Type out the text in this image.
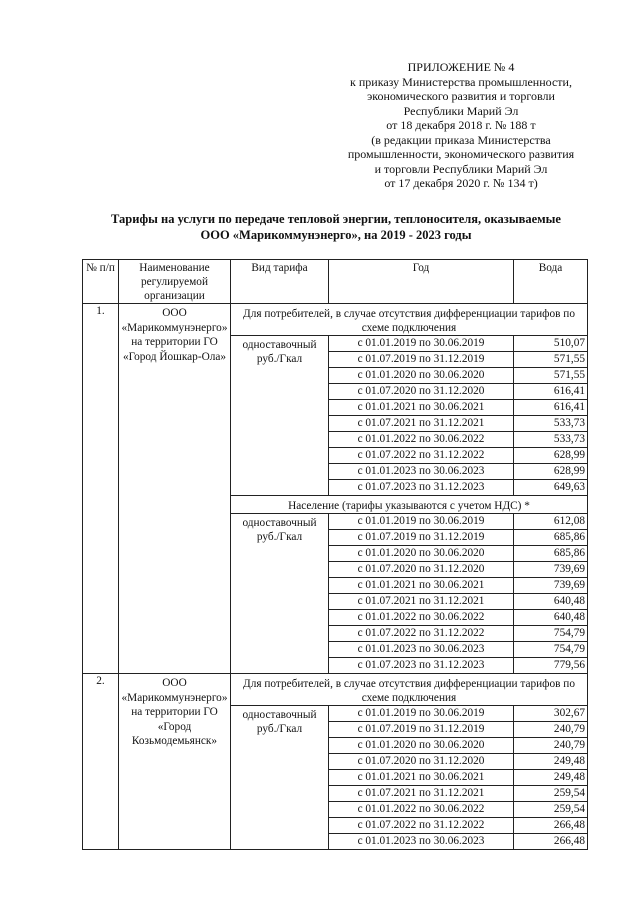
ПРИЛОЖЕНИЕ № 4
к приказу Министерства промышленности,
экономического развития и торговли
Республики Марий Эл
от 18 декабря 2018 г. № 188 т
(в редакции приказа Министерства
промышленности, экономического развития
и торговли Республики Марий Эл
от 17 декабря 2020 г. № 134 т)
Тарифы на услуги по передаче тепловой энергии, теплоносителя, оказываемые
ООО «Марикоммунэнерго», на 2019 - 2023 годы
№ п/п	Наименование регулируемой организации	Вид тарифа	Год	Вода
1.	ООО «Марикоммунэнерго» на территории ГО «Город Йошкар-Ола»	Для потребителей, в случае отсутствия дифференциации тарифов по схеме подключения		
		одноставочный руб./Гкал	с 01.01.2019 по 30.06.2019	510,07
			с 01.07.2019 по 31.12.2019	571,55
			с 01.01.2020 по 30.06.2020	571,55
			с 01.07.2020 по 31.12.2020	616,41
			с 01.01.2021 по 30.06.2021	616,41
			с 01.07.2021 по 31.12.2021	533,73
			с 01.01.2022 по 30.06.2022	533,73
			с 01.07.2022 по 31.12.2022	628,99
			с 01.01.2023 по 30.06.2023	628,99
			с 01.07.2023 по 31.12.2023	649,63
		Население (тарифы указываются с учетом НДС) *		
		одноставочный руб./Гкал	с 01.01.2019 по 30.06.2019	612,08
			с 01.07.2019 по 31.12.2019	685,86
			с 01.01.2020 по 30.06.2020	685,86
			с 01.07.2020 по 31.12.2020	739,69
			с 01.01.2021 по 30.06.2021	739,69
			с 01.07.2021 по 31.12.2021	640,48
			с 01.01.2022 по 30.06.2022	640,48
			с 01.07.2022 по 31.12.2022	754,79
			с 01.01.2023 по 30.06.2023	754,79
			с 01.07.2023 по 31.12.2023	779,56
2.	ООО «Марикоммунэнерго» на территории ГО «Город Козьмодемьянск»	Для потребителей, в случае отсутствия дифференциации тарифов по схеме подключения		
		одноставочный руб./Гкал	с 01.01.2019 по 30.06.2019	302,67
			с 01.07.2019 по 31.12.2019	240,79
			с 01.01.2020 по 30.06.2020	240,79
			с 01.07.2020 по 31.12.2020	249,48
			с 01.01.2021 по 30.06.2021	249,48
			с 01.07.2021 по 31.12.2021	259,54
			с 01.01.2022 по 30.06.2022	259,54
			с 01.07.2022 по 31.12.2022	266,48
			с 01.01.2023 по 30.06.2023	266,48
